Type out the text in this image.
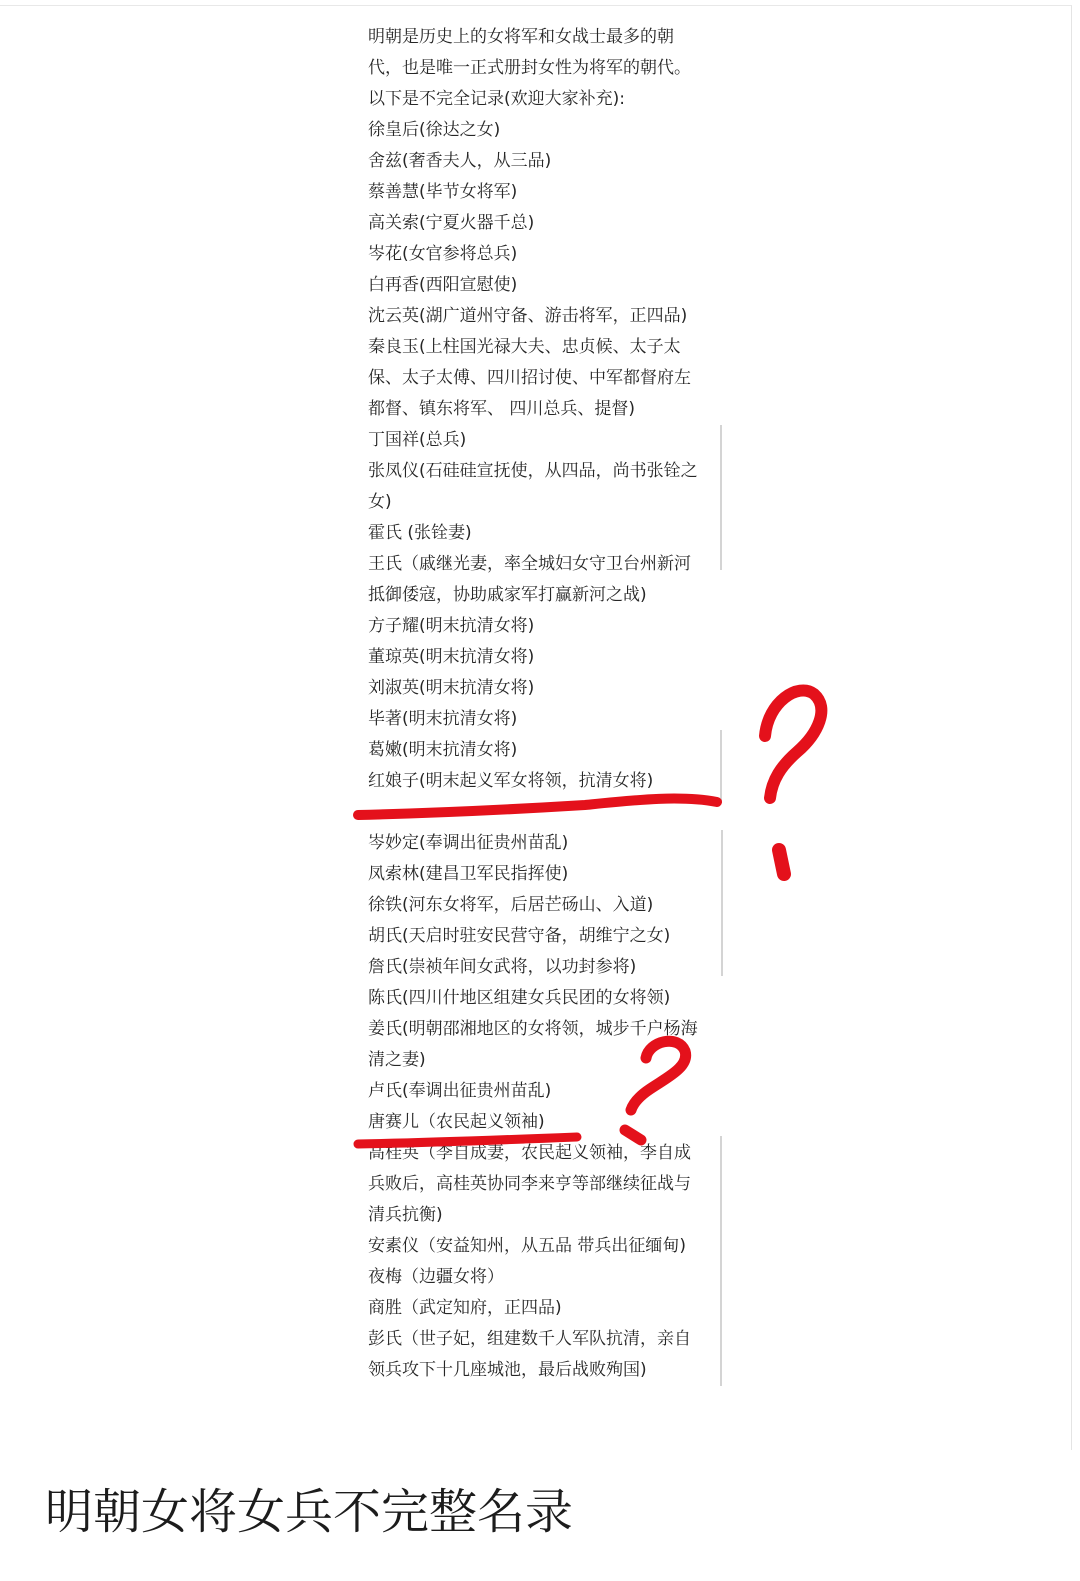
明朝是历史上的女将军和女战士最多的朝
代，也是唯一正式册封女性为将军的朝代。
以下是不完全记录(欢迎大家补充):
徐皇后(徐达之女)
舍兹(奢香夫人，从三品)
蔡善慧(毕节女将军)
高关索(宁夏火器千总)
岑花(女官参将总兵)
白再香(西阳宣慰使)
沈云英(湖广道州守备、游击将军，正四品)
秦良玉(上柱国光禄大夫、忠贞候、太子太
保、太子太傅、四川招讨使、中军都督府左
都督、镇东将军、 四川总兵、提督)
丁国祥(总兵)
张凤仪(石硅硅宣抚使，从四品，尚书张铨之
女)
霍氏 (张铨妻)
王氏（戚继光妻，率全城妇女守卫台州新河
抵御倭寇，协助戚家军打赢新河之战)
方子耀(明末抗清女将)
董琼英(明末抗清女将)
刘淑英(明末抗清女将)
毕著(明末抗清女将)
葛嫩(明末抗清女将)
红娘子(明末起义军女将领，抗清女将)
岑妙定(奉调出征贵州苗乱)
凤索林(建昌卫军民指挥使)
徐铁(河东女将军，后居芒砀山、入道)
胡氏(天启时驻安民营守备，胡维宁之女)
詹氏(崇祯年间女武将，以功封参将)
陈氏(四川什地区组建女兵民团的女将领)
姜氏(明朝邵湘地区的女将领，城步千户杨海
清之妻)
卢氏(奉调出征贵州苗乱)
唐赛儿（农民起义领袖)
高桂英（李自成妻，农民起义领袖，李自成
兵败后，高桂英协同李来亨等部继续征战与
清兵抗衡)
安素仪（安益知州，从五品 带兵出征缅甸)
夜梅（边疆女将）
商胜（武定知府，正四品)
彭氏（世子妃，组建数千人军队抗清，亲自
领兵攻下十几座城池，最后战败殉国)
明朝女将女兵不完整名录
